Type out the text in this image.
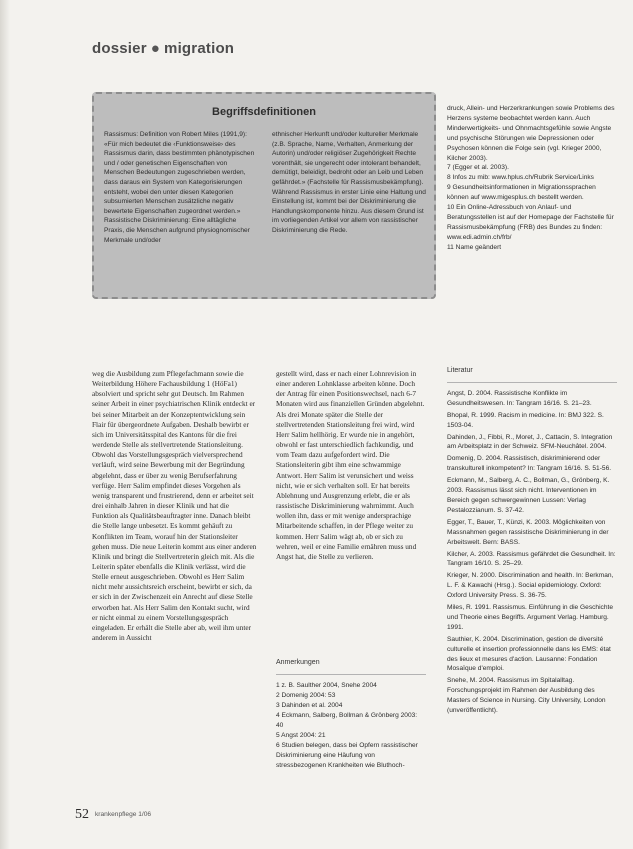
dossier ● migration
Begriffsdefinitionen
Rassismus: Definition von Robert Miles (1991,9): «Für mich bedeutet die ‹Funktionsweise› des Rassismus darin, dass bestimmten phänotypischen und / oder genetischen Eigenschaften von Menschen Bedeutungen zugeschrieben werden, dass daraus ein System von Kategorisierungen entsteht, wobei den unter diesen Kategorien subsumierten Menschen zusätzliche negativ bewertete Eigenschaften zugeordnet werden.» Rassistische Diskriminierung: Eine alltägliche Praxis, die Menschen aufgrund physiognomischer Merkmale und/oder
ethnischer Herkunft und/oder kultureller Merkmale (z.B. Sprache, Name, Verhalten, Anmerkung der Autorin) und/oder religiöser Zugehörigkeit Rechte vorenthält, sie ungerecht oder intolerant behandelt, demütigt, beleidigt, bedroht oder an Leib und Leben gefährdet.» (Fachstelle für Rassismusbekämpfung). Während Rassismus in erster Linie eine Haltung und Einstellung ist, kommt bei der Diskriminierung die Handlungskomponente hinzu. Aus diesem Grund ist im vorliegenden Artikel vor allem von rassistischer Diskriminierung die Rede.

druck, Allein- und Herzerkrankungen sowie Problems des Herzens systeme beobachtet werden kann. Auch Minderwertigkeits- und Ohnmachtsgefühle sowie Angste und psychische Störungen wie Depressionen oder Psychosen können die Folge sein (vgl. Krieger 2000, Kilcher 2003).
7 (Egger et al. 2003).
8 Infos zu mib: www.hplus.ch/Rubrik Service/Links
9 Gesundheitsinformationen in Migrationssprachen können auf www.migesplus.ch bestellt werden.
10 Ein Online-Adressbuch von Anlauf- und Beratungsstellen ist auf der Homepage der Fachstelle für Rassismusbekämpfung (FRB) des Bundes zu finden: www.edi.admin.ch/frb/
11 Name geändert

weg die Ausbildung zum Pflegefachmann sowie die Weiterbildung Höhere Fachausbildung 1 (HöFa1) absolviert und spricht sehr gut Deutsch. Im Rahmen seiner Arbeit in einer psychiatrischen Klinik entdeckt er bei seiner Mitarbeit an der Konzeptentwicklung sein Flair für übergeordnete Aufgaben. Deshalb bewirbt er sich im Universitätsspital des Kantons für die frei werdende Stelle als stellvertretende Stationsleitung. Obwohl das Vorstellungsgespräch vielversprechend verläuft, wird seine Bewerbung mit der Begründung abgelehnt, dass er über zu wenig Berufserfahrung verfüge. Herr Salim empfindet dieses Vorgehen als wenig transparent und frustrierend, denn er arbeitet seit drei einhalb Jahren in dieser Klinik und hat die Funktion als Qualitätsbeauftragter inne. Danach bleibt die Stelle lange unbesetzt. Es kommt gehäuft zu Konflikten im Team, worauf hin der Stationsleiter gehen muss. Die neue Leiterin kommt aus einer anderen Klinik und bringt die Stellvertreterin gleich mit. Als die Leiterin später ebenfalls die Klinik verlässt, wird die Stelle erneut ausgeschrieben. Obwohl es Herr Salim nicht mehr aussichtsreich erscheint, bewirbt er sich, da er sich in der Zwischenzeit ein Anrecht auf diese Stelle erworben hat. Als Herr Salim den Kontakt sucht, wird er nicht einmal zu einem Vorstellungsgespräch eingeladen. Er erhält die Stelle aber ab, weil ihm unter anderem in Aussicht

gestellt wird, dass er nach einer Lohnrevision in einer anderen Lohnklasse arbeiten könne. Doch der Antrag für einen Positionswechsel, nach 6-7 Monaten wird aus finanziellen Gründen abgelehnt. Als drei Monate später die Stelle der stellvertretenden Stationsleitung frei wird, wird Herr Salim hellhörig. Er wurde nie in angehört, obwohl er fast unterschiedlich fachkundig, und vom Team dazu aufgefordert wird. Die Stationsleiterin gibt ihm eine schwammige Antwort. Herr Salim ist verunsichert und weiss nicht, wie er sich verhalten soll. Er hat bereits Ablehnung und Ausgrenzung erlebt, die er als rassistische Diskriminierung wahrnimmt. Auch wollen ihn, dass er mit wenige andersprachige Mitarbeitende schaffen, in der Pflege weiter zu kommen. Herr Salim wägt ab, ob er sich zu wehren, weil er eine Familie ernähren muss und Angst hat, die Stelle zu verlieren.

Anmerkungen
1 z. B. Saulther 2004, Snehe 2004
2 Domenig 2004: 53
3 Dahinden et al. 2004
4 Eckmann, Salberg, Bollman & Grönberg 2003: 40
5 Angst 2004: 21
6 Studien belegen, dass bei Opfern rassistischer Diskriminierung eine Häufung von stressbezogenen Krankheiten wie Bluthoch-
Literatur
Angst, D. 2004. Rassistische Konflikte im Gesundheitswesen. In: Tangram 16/16. S. 21–23.
Bhopal, R. 1999. Racism in medicine. In: BMJ 322. S. 1503-04.
Dahinden, J., Fibbi, R., Moret, J., Cattacin, S. Integration am Arbeitsplatz in der Schweiz. SFM-Neuchâtel. 2004.
Domenig, D. 2004. Rassistisch, diskriminierend oder transkulturell inkompetent? In: Tangram 16/16. S. 51-56.
Eckmann, M., Salberg, A. C., Bollman, G., Grönberg, K. 2003. Rassismus lässt sich nicht. Interventionen im Bereich gegen schwergewinnen Lussen: Verlag Pestalozzianum. S. 37-42.
Egger, T., Bauer, T., Künzi, K. 2003. Möglichkeiten von Massnahmen gegen rassistische Diskriminierung in der Arbeitswelt. Bern: BASS.
Kilcher, A. 2003. Rassismus gefährdet die Gesundheit. In: Tangram 16/10. S. 25–29.
Krieger, N. 2000. Discrimination and health. In: Berkman, L. F. & Kawachi (Hrsg.). Social epidemiology. Oxford: Oxford University Press. S. 36-75.
Miles, R. 1991. Rassismus. Einführung in die Geschichte und Theorie eines Begriffs. Argument Verlag. Hamburg. 1991.
Sauthier, K. 2004. Discrimination, gestion de diversité culturelle et insertion professionnelle dans les EMS: état des lieux et mesures d'action. Lausanne: Fondation Mosaïque d'emploi.
Snehe, M. 2004. Rassismus im Spitalalltag. Forschungsprojekt im Rahmen der Ausbildung des Masters of Science in Nursing. City University, London (unveröffentlicht).
52 krankenpflege 1/06
